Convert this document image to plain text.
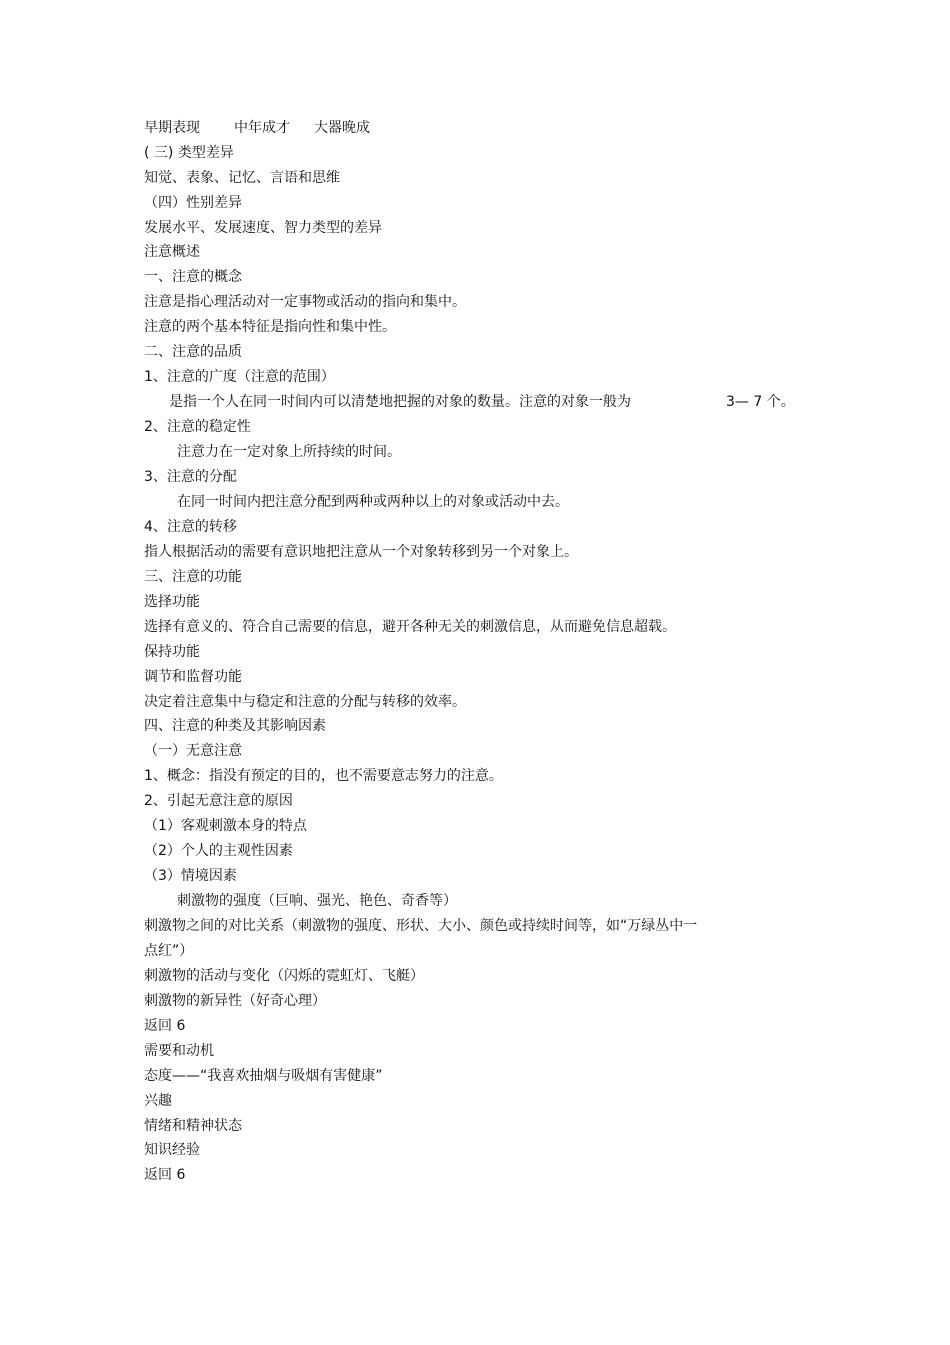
早期表现 中年成才 大器晚成
( 三) 类型差异
知觉、表象、记忆、言语和思维
（四）性别差异
发展水平、发展速度、智力类型的差异
注意概述
一、注意的概念
注意是指心理活动对一定事物或活动的指向和集中。
注意的两个基本特征是指向性和集中性。
二、注意的品质
1、注意的广度（注意的范围）
是指一个人在同一时间内可以清楚地把握的对象的数量。注意的对象一般为	3— 7 个。
2、注意的稳定性
注意力在一定对象上所持续的时间。
3、注意的分配
在同一时间内把注意分配到两种或两种以上的对象或活动中去。
4、注意的转移
指人根据活动的需要有意识地把注意从一个对象转移到另一个对象上。
三、注意的功能
选择功能
选择有意义的、符合自己需要的信息，避开各种无关的刺激信息，从而避免信息超载。
保持功能
调节和监督功能
决定着注意集中与稳定和注意的分配与转移的效率。
四、注意的种类及其影响因素
（一）无意注意
1、概念：指没有预定的目的，也不需要意志努力的注意。
2、引起无意注意的原因
（1）客观刺激本身的特点
（2）个人的主观性因素
（3）情境因素
刺激物的强度（巨响、强光、艳色、奇香等）
刺激物之间的对比关系（刺激物的强度、形状、大小、颜色或持续时间等，如“万绿丛中一
点红”）
刺激物的活动与变化（闪烁的霓虹灯、飞艇）
刺激物的新异性（好奇心理）
返回 6
需要和动机
态度——“我喜欢抽烟与吸烟有害健康”
兴趣
情绪和精神状态
知识经验
返回 6
